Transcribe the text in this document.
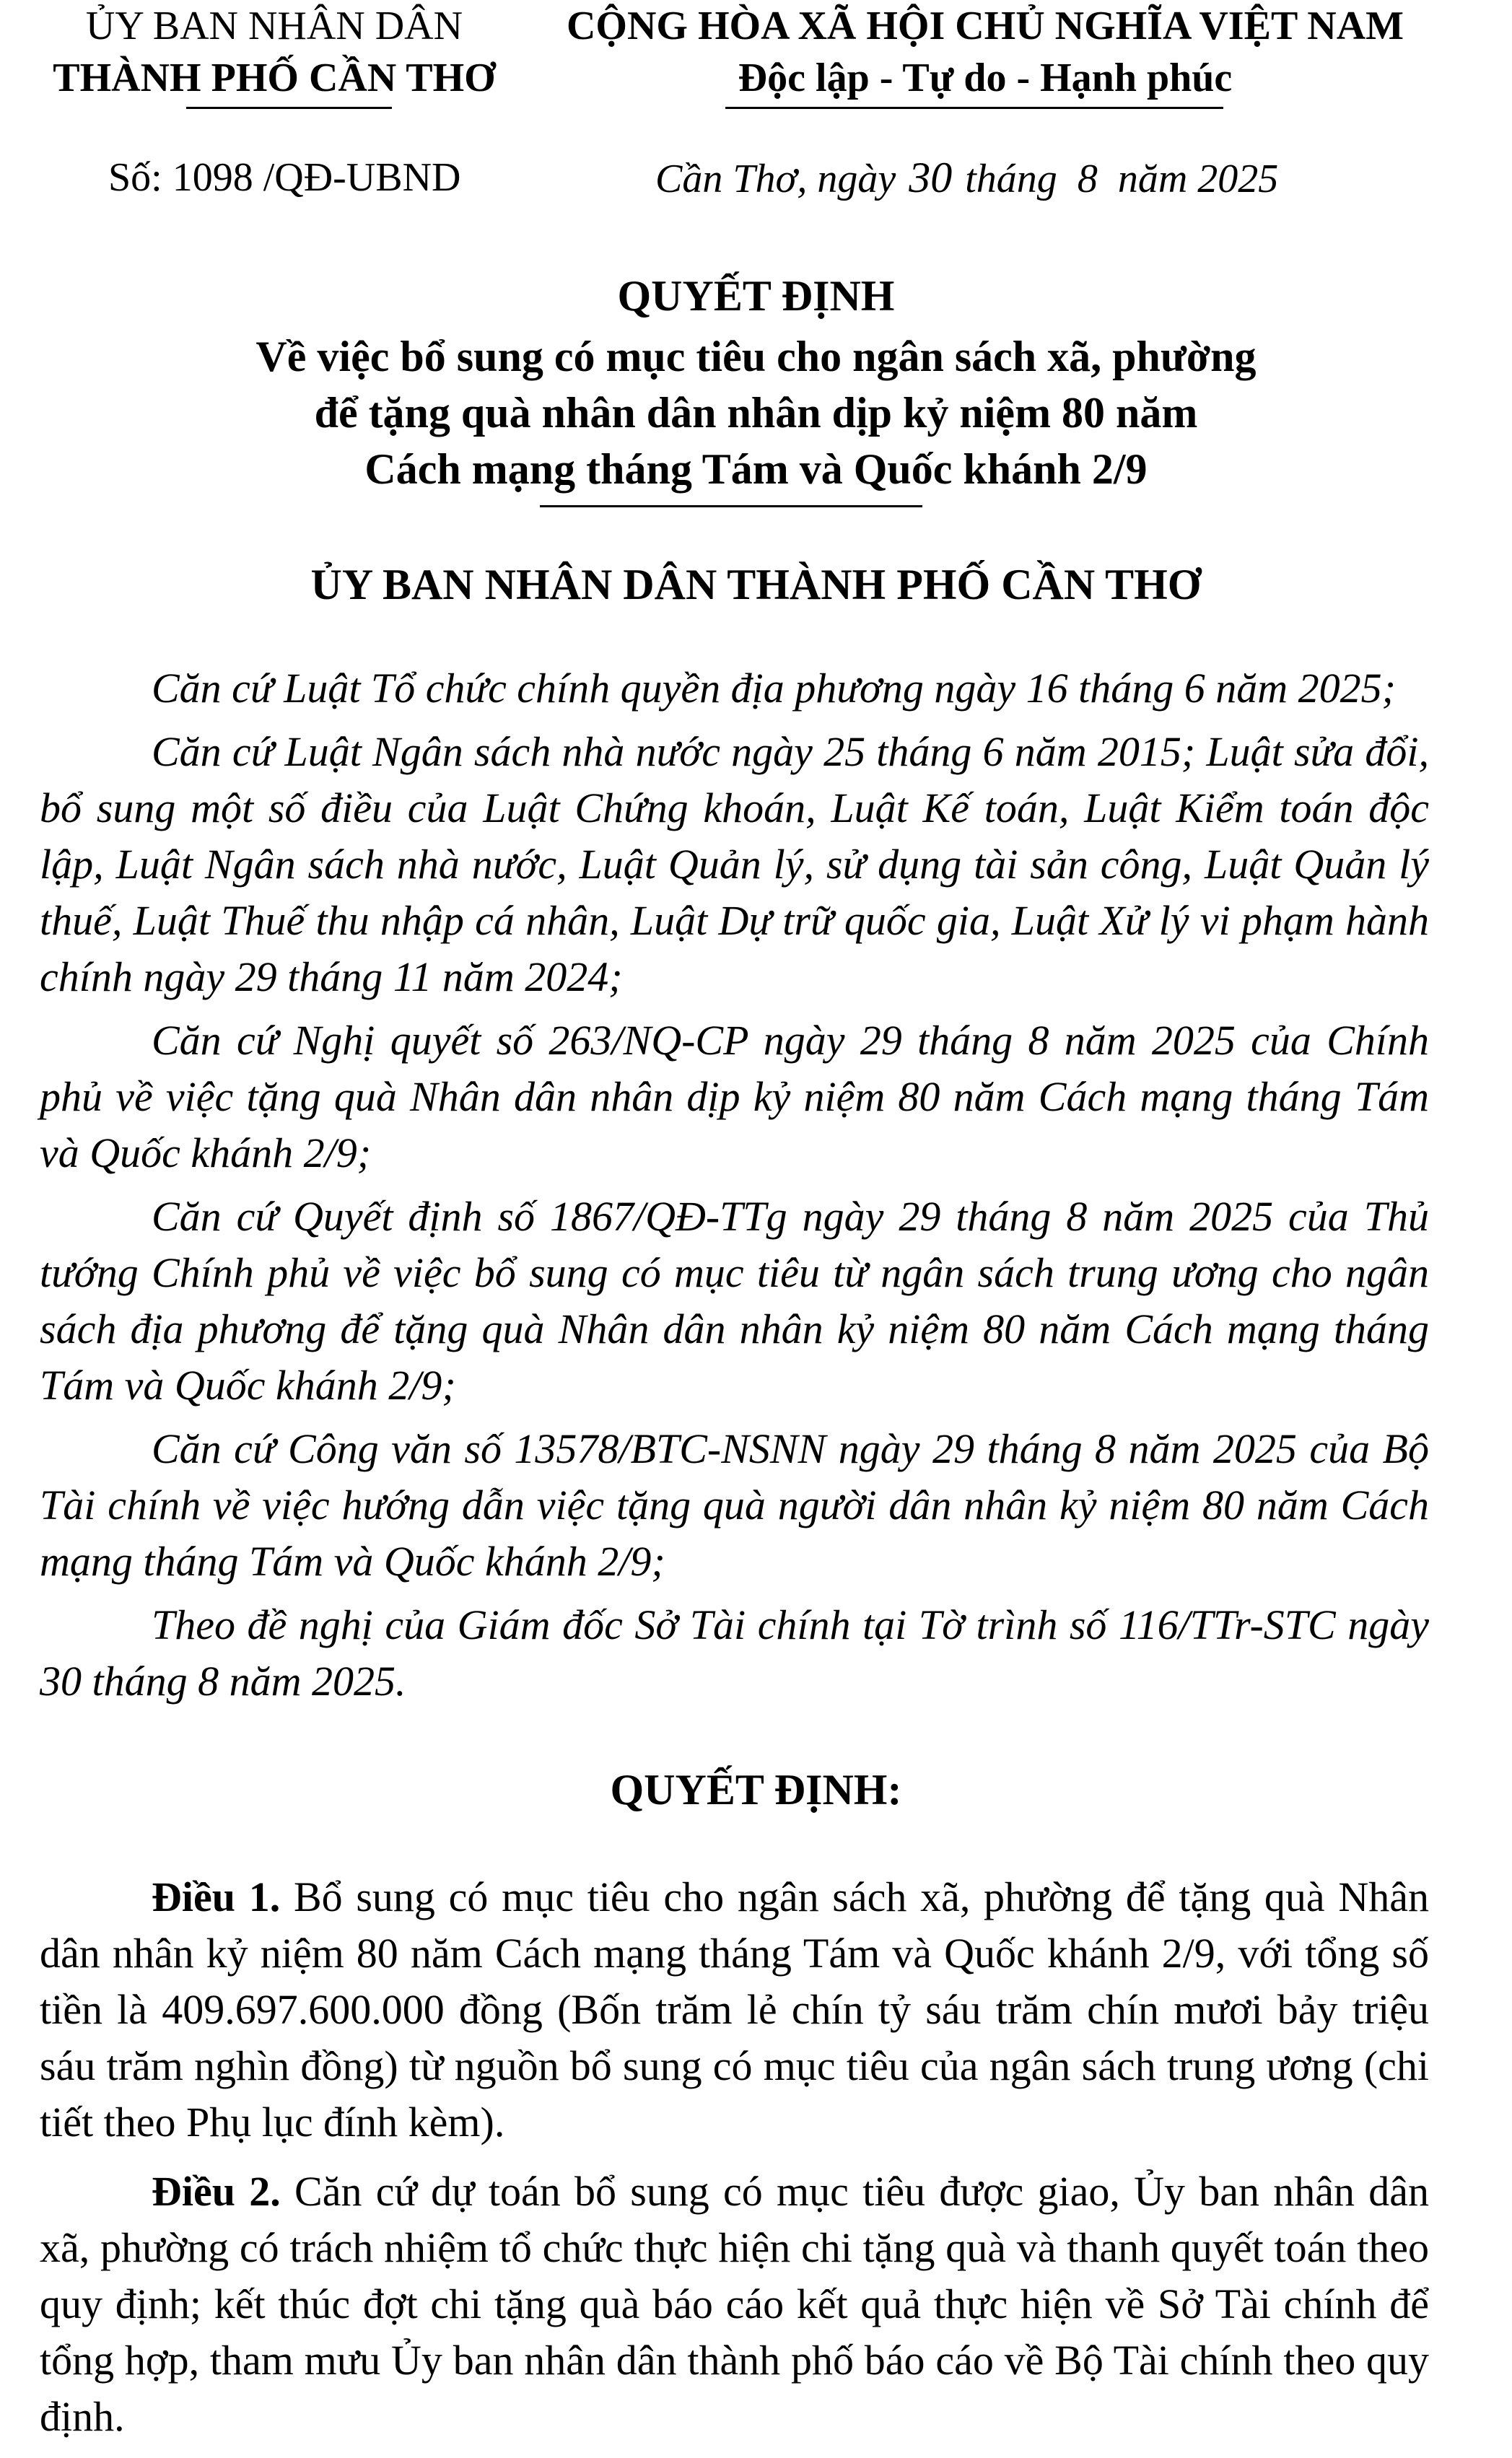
ỦY BAN NHÂN DÂN
THÀNH PHỐ CẦN THƠ
CỘNG HÒA XÃ HỘI CHỦ NGHĨA VIỆT NAM
Độc lập - Tự do - Hạnh phúc
Số: 1098 /QĐ-UBND	Cần Thơ, ngày 30 tháng 8 năm 2025
QUYẾT ĐỊNH
Về việc bổ sung có mục tiêu cho ngân sách xã, phường
để tặng quà nhân dân nhân dịp kỷ niệm 80 năm
Cách mạng tháng Tám và Quốc khánh 2/9
ỦY BAN NHÂN DÂN THÀNH PHỐ CẦN THƠ

Căn cứ Luật Tổ chức chính quyền địa phương ngày 16 tháng 6 năm 2025;

Căn cứ Luật Ngân sách nhà nước ngày 25 tháng 6 năm 2015; Luật sửa đổi, bổ sung một số điều của Luật Chứng khoán, Luật Kế toán, Luật Kiểm toán độc lập, Luật Ngân sách nhà nước, Luật Quản lý, sử dụng tài sản công, Luật Quản lý thuế, Luật Thuế thu nhập cá nhân, Luật Dự trữ quốc gia, Luật Xử lý vi phạm hành chính ngày 29 tháng 11 năm 2024;

Căn cứ Nghị quyết số 263/NQ-CP ngày 29 tháng 8 năm 2025 của Chính phủ về việc tặng quà Nhân dân nhân dịp kỷ niệm 80 năm Cách mạng tháng Tám và Quốc khánh 2/9;

Căn cứ Quyết định số 1867/QĐ-TTg ngày 29 tháng 8 năm 2025 của Thủ tướng Chính phủ về việc bổ sung có mục tiêu từ ngân sách trung ương cho ngân sách địa phương để tặng quà Nhân dân nhân kỷ niệm 80 năm Cách mạng tháng Tám và Quốc khánh 2/9;

Căn cứ Công văn số 13578/BTC-NSNN ngày 29 tháng 8 năm 2025 của Bộ Tài chính về việc hướng dẫn việc tặng quà người dân nhân kỷ niệm 80 năm Cách mạng tháng Tám và Quốc khánh 2/9;

Theo đề nghị của Giám đốc Sở Tài chính tại Tờ trình số 116/TTr-STC ngày 30 tháng 8 năm 2025.

QUYẾT ĐỊNH:

Điều 1. Bổ sung có mục tiêu cho ngân sách xã, phường để tặng quà Nhân dân nhân kỷ niệm 80 năm Cách mạng tháng Tám và Quốc khánh 2/9, với tổng số tiền là 409.697.600.000 đồng (Bốn trăm lẻ chín tỷ sáu trăm chín mươi bảy triệu sáu trăm nghìn đồng) từ nguồn bổ sung có mục tiêu của ngân sách trung ương (chi tiết theo Phụ lục đính kèm).

Điều 2. Căn cứ dự toán bổ sung có mục tiêu được giao, Ủy ban nhân dân xã, phường có trách nhiệm tổ chức thực hiện chi tặng quà và thanh quyết toán theo quy định; kết thúc đợt chi tặng quà báo cáo kết quả thực hiện về Sở Tài chính để tổng hợp, tham mưu Ủy ban nhân dân thành phố báo cáo về Bộ Tài chính theo quy định.
